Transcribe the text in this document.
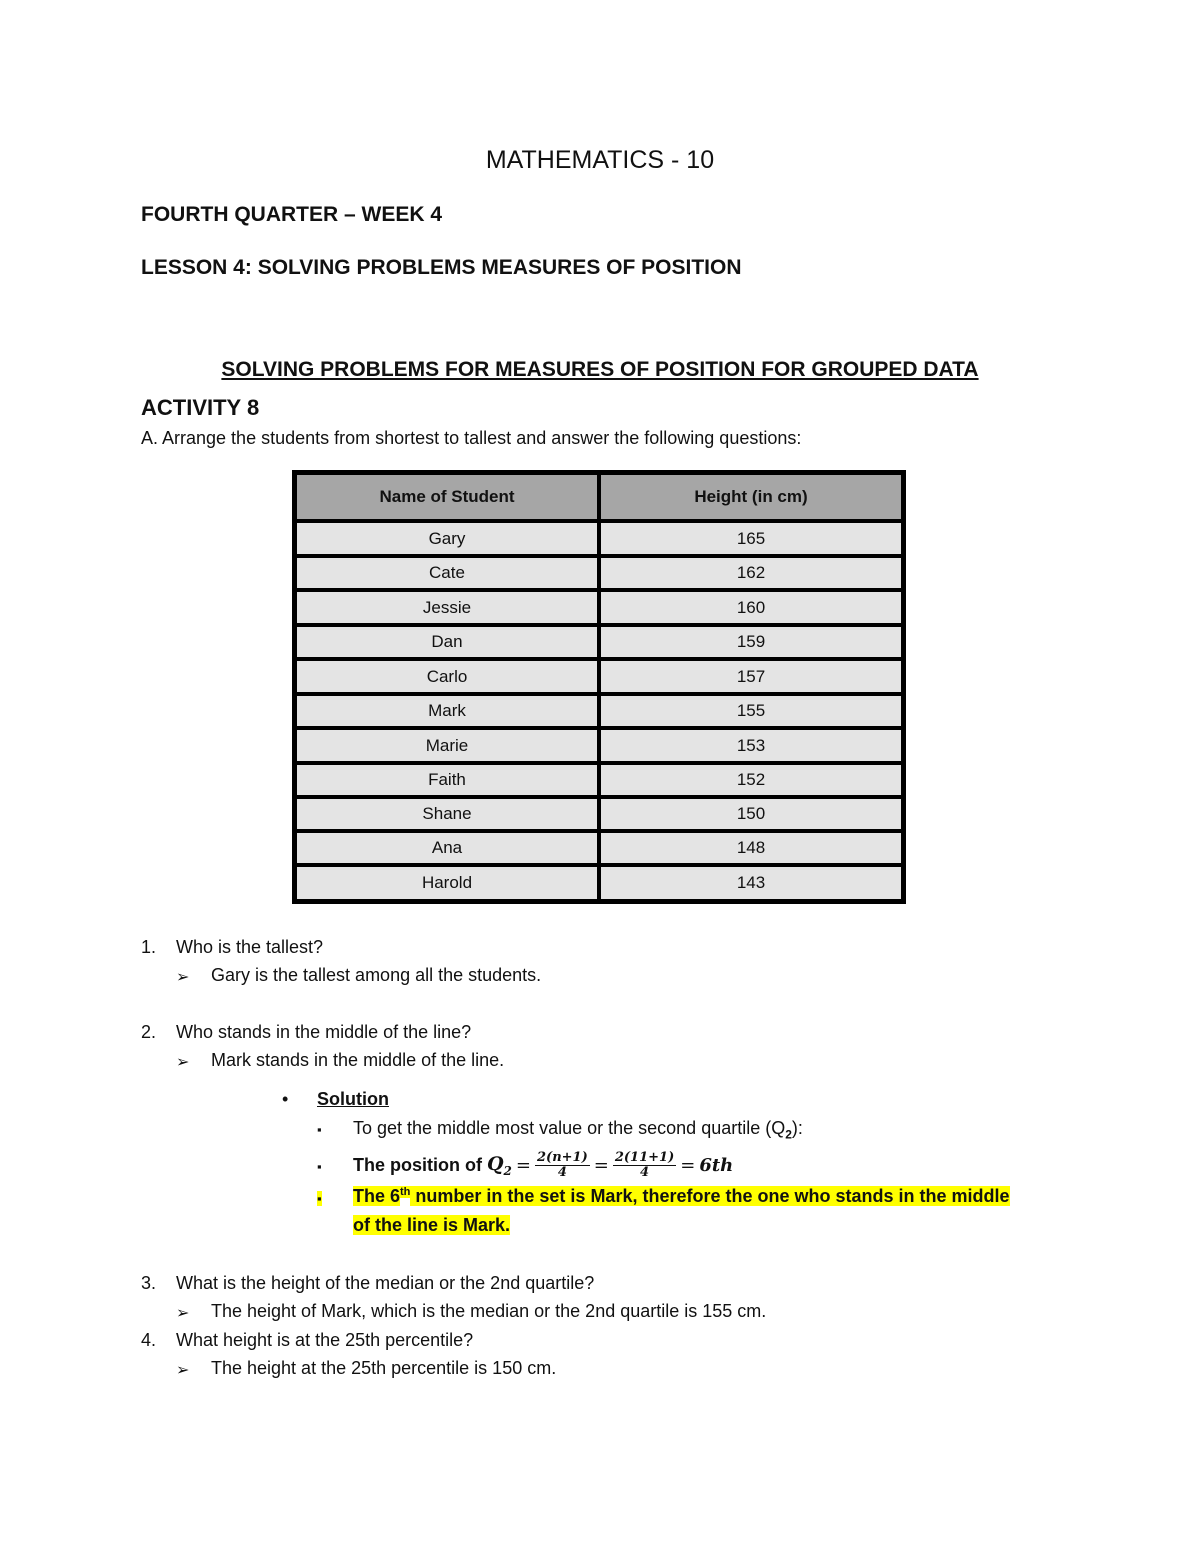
MATHEMATICS - 10
FOURTH QUARTER – WEEK 4
LESSON 4: SOLVING PROBLEMS MEASURES OF POSITION
SOLVING PROBLEMS FOR MEASURES OF POSITION FOR GROUPED DATA
ACTIVITY 8
A. Arrange the students from shortest to tallest and answer the following questions:
Name of Student	Height (in cm)
Gary	165
Cate	162
Jessie	160
Dan	159
Carlo	157
Mark	155
Marie	153
Faith	152
Shane	150
Ana	148
Harold	143
1. Who is the tallest?
➢ Gary is the tallest among all the students.
2. Who stands in the middle of the line?
➢ Mark stands in the middle of the line.
• Solution
▪ To get the middle most value or the second quartile $(Q_2)$:
▪ The position of $Q_2 = \frac{2(n+1)}{4} = \frac{2(11+1)}{4} = 6th$
▪ The 6th number in the set is Mark, therefore the one who stands in the middle
of the line is Mark.
3. What is the height of the median or the 2nd quartile?
➢ The height of Mark, which is the median or the 2nd quartile is 155 cm.
4. What height is at the 25th percentile?
➢ The height at the 25th percentile is 150 cm.
